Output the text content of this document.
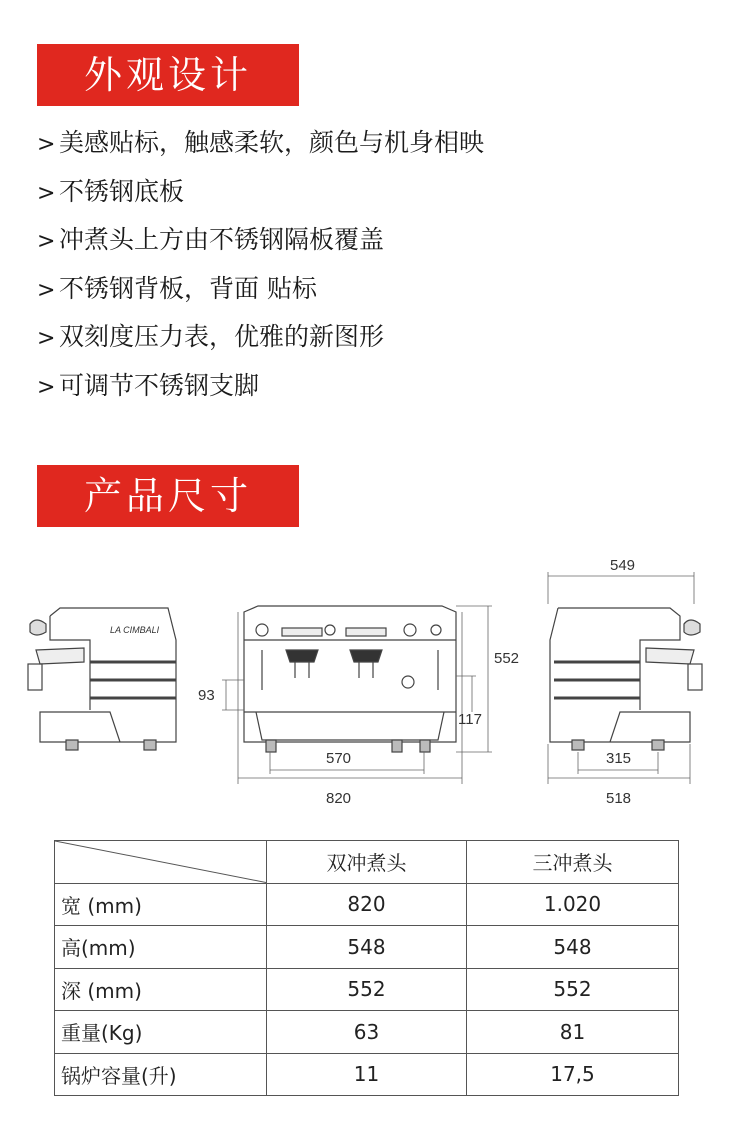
外观设计
> 美感贴标，触感柔软，颜色与机身相映
> 不锈钢底板
> 冲煮头上方由不锈钢隔板覆盖
> 不锈钢背板，背面 贴标
> 双刻度压力表，优雅的新图形
> 可调节不锈钢支脚
产品尺寸
LA CIMBALI
570
820
552
93
117
549
315
518
	双冲煮头	三冲煮头
宽 (mm)	820	1.020
高(mm)	548	548
深 (mm)	552	552
重量(Kg)	63	81
锅炉容量(升)	11	17,5
